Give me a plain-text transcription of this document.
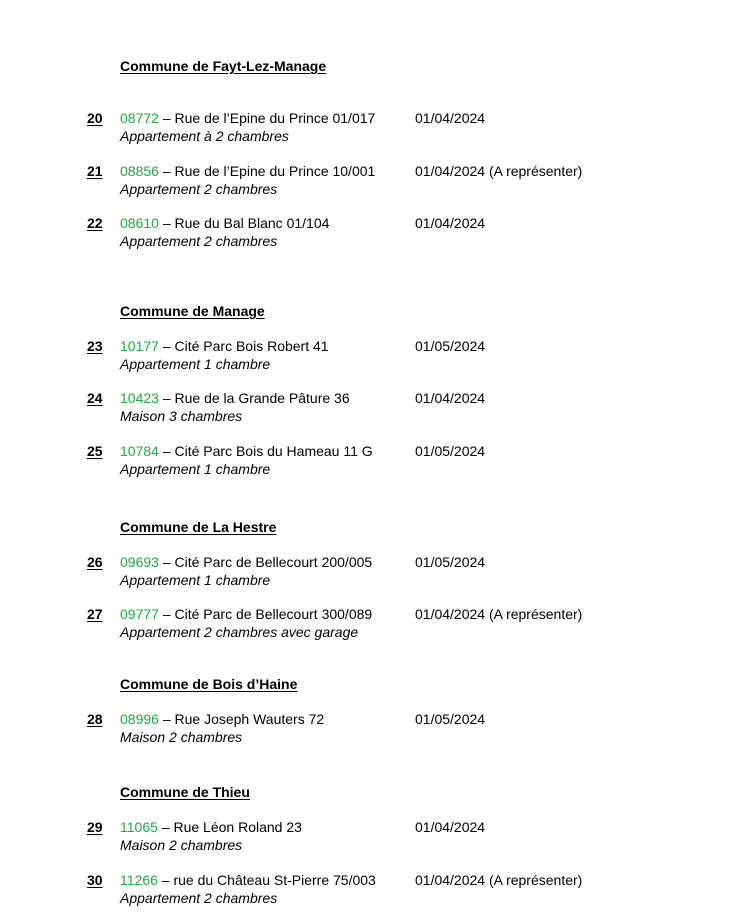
Commune de Fayt-Lez-Manage
20 08772 – Rue de l’Epine du Prince 01/017	01/04/2024
Appartement à 2 chambres
21 08856 – Rue de l’Epine du Prince 10/001	01/04/2024 (A représenter)
Appartement 2 chambres
22 08610 – Rue du Bal Blanc 01/104	01/04/2024
Appartement 2 chambres
Commune de Manage
23 10177 – Cité Parc Bois Robert 41	01/05/2024
Appartement 1 chambre
24 10423 – Rue de la Grande Pâture 36	01/04/2024
Maison 3 chambres
25 10784 – Cité Parc Bois du Hameau 11 G	01/05/2024
Appartement 1 chambre
Commune de La Hestre
26 09693 – Cité Parc de Bellecourt 200/005	01/05/2024
Appartement 1 chambre
27 09777 – Cité Parc de Bellecourt 300/089	01/04/2024 (A représenter)
Appartement 2 chambres avec garage
Commune de Bois d’Haine
28 08996 – Rue Joseph Wauters 72	01/05/2024
Maison 2 chambres
Commune de Thieu
29 11065 – Rue Léon Roland 23	01/04/2024
Maison 2 chambres
30 11266 – rue du Château St-Pierre 75/003	01/04/2024 (A représenter)
Appartement 2 chambres
